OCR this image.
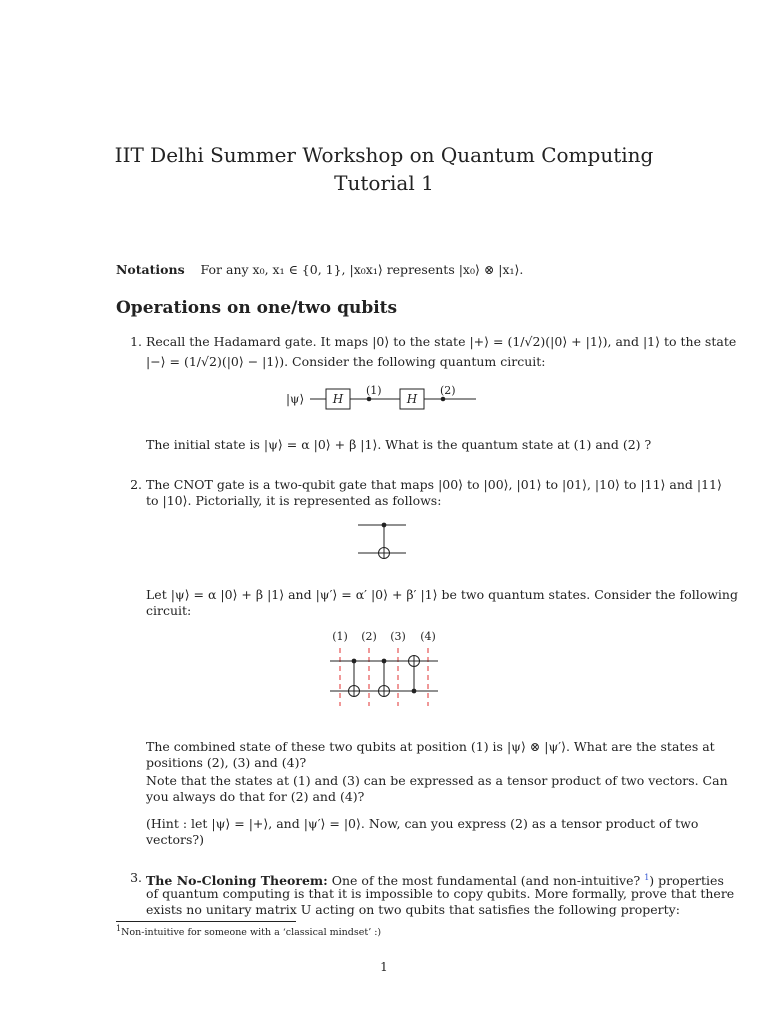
IIT Delhi Summer Workshop on Quantum Computing
Tutorial 1
Notations For any x₀, x₁ ∈ {0, 1}, |x₀x₁⟩ represents |x₀⟩ ⊗ |x₁⟩.
Operations on one/two qubits
1. Recall the Hadamard gate. It maps |0⟩ to the state |+⟩ = (1/√2)(|0⟩ + |1⟩), and |1⟩ to the state
|−⟩ = (1/√2)(|0⟩ − |1⟩). Consider the following quantum circuit:
|ψ⟩ H
(1)
H
(2)
The initial state is |ψ⟩ = α |0⟩ + β |1⟩. What is the quantum state at (1) and (2) ?
2. The CNOT gate is a two-qubit gate that maps |00⟩ to |00⟩, |01⟩ to |01⟩, |10⟩ to |11⟩ and |11⟩
to |10⟩. Pictorially, it is represented as follows:
Let |ψ⟩ = α |0⟩ + β |1⟩ and |ψ′⟩ = α′ |0⟩ + β′ |1⟩ be two quantum states. Consider the following
circuit:
(1) (2) (3) (4)
The combined state of these two qubits at position (1) is |ψ⟩ ⊗ |ψ′⟩. What are the states at
positions (2), (3) and (4)?
Note that the states at (1) and (3) can be expressed as a tensor product of two vectors. Can
you always do that for (2) and (4)?
(Hint : let |ψ⟩ = |+⟩, and |ψ′⟩ = |0⟩. Now, can you express (2) as a tensor product of two
vectors?)
3. The No-Cloning Theorem: One of the most fundamental (and non-intuitive? $^1$) properties
of quantum computing is that it is impossible to copy qubits. More formally, prove that there
exists no unitary matrix U acting on two qubits that satisfies the following property:
$^1$Non-intuitive for someone with a ‘classical mindset’ :)
1
